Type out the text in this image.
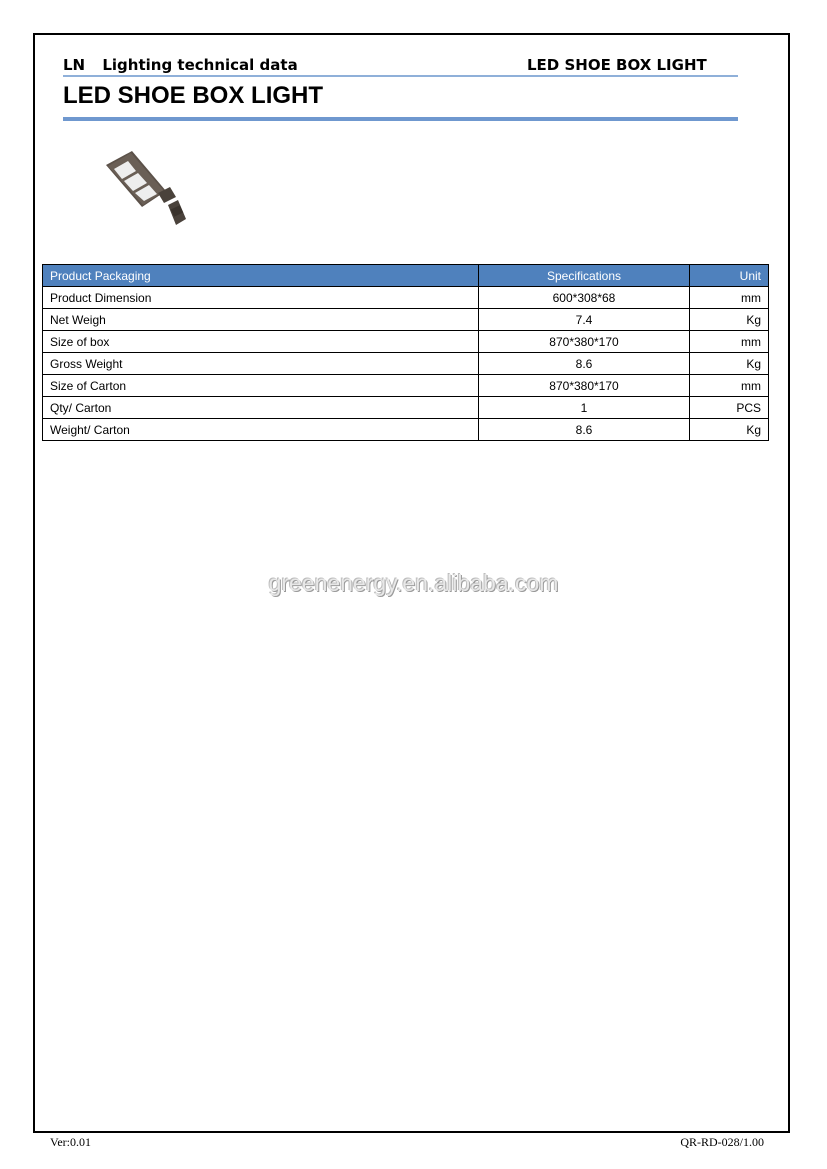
LN Lighting technical data	LED SHOE BOX LIGHT
LED SHOE BOX LIGHT
Product Packaging	Specifications	Unit
Product Dimension	600*308*68	mm
Net Weigh	7.4	Kg
Size of box	870*380*170	mm
Gross Weight	8.6	Kg
Size of Carton	870*380*170	mm
Qty/ Carton	1	PCS
Weight/ Carton	8.6	Kg
greenenergy.en.alibaba.com
Ver:0.01	QR-RD-028/1.00
